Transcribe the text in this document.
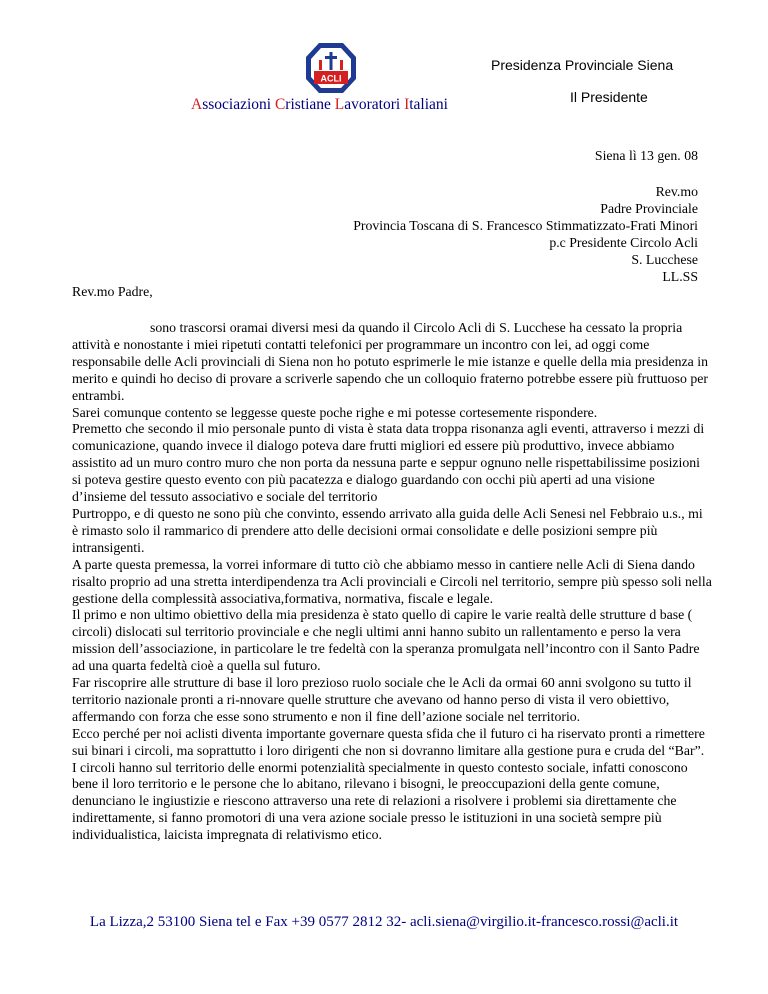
ACLI
Associazioni Cristiane Lavoratori Italiani
Presidenza Provinciale Siena
Il Presidente
Siena lì 13 gen. 08
Rev.mo
Padre Provinciale
Provincia Toscana di S. Francesco Stimmatizzato-Frati Minori
p.c Presidente Circolo Acli
S. Lucchese
LL.SS
Rev.mo Padre,

sono trascorsi oramai diversi mesi da quando il Circolo Acli di S. Lucchese ha cessato la propria attività e nonostante i miei ripetuti contatti telefonici per programmare un incontro con lei, ad oggi come responsabile delle Acli provinciali di Siena non ho potuto esprimerle le mie istanze e quelle della mia presidenza in merito e quindi ho deciso di provare a scriverle sapendo che un colloquio fraterno potrebbe essere più fruttuoso per entrambi.

Sarei comunque contento se leggesse queste poche righe e mi potesse cortesemente rispondere.

Premetto che secondo il mio personale punto di vista è stata data troppa risonanza agli eventi, attraverso i mezzi di comunicazione, quando invece il dialogo poteva dare frutti migliori ed essere più produttivo, invece abbiamo assistito ad un muro contro muro che non porta da nessuna parte e seppur ognuno nelle rispettabilissime posizioni si poteva gestire questo evento con più pacatezza e dialogo guardando con occhi più aperti ad una visione d’insieme del tessuto associativo e sociale del territorio

Purtroppo, e di questo ne sono più che convinto, essendo arrivato alla guida delle Acli Senesi nel Febbraio u.s., mi è rimasto solo il rammarico di prendere atto delle decisioni ormai consolidate e delle posizioni sempre più intransigenti.

A parte questa premessa, la vorrei informare di tutto ciò che abbiamo messo in cantiere nelle Acli di Siena dando risalto proprio ad una stretta interdipendenza tra Acli provinciali e Circoli nel territorio, sempre più spesso soli nella gestione della complessità associativa,formativa, normativa, fiscale e legale.

Il primo e non ultimo obiettivo della mia presidenza è stato quello di capire le varie realtà delle strutture d base ( circoli) dislocati sul territorio provinciale e che negli ultimi anni hanno subito un rallentamento e perso la vera mission dell’associazione, in particolare le tre fedeltà con la speranza promulgata nell’incontro con il Santo Padre ad una quarta fedeltà cioè a quella sul futuro.

Far riscoprire alle strutture di base il loro prezioso ruolo sociale che le Acli da ormai 60 anni svolgono su tutto il territorio nazionale pronti a ri-nnovare quelle strutture che avevano od hanno perso di vista il vero obiettivo, affermando con forza che esse sono strumento e non il fine dell’azione sociale nel territorio.

Ecco perché per noi aclisti diventa importante governare questa sfida che il futuro ci ha riservato pronti a rimettere sui binari i circoli, ma soprattutto i loro dirigenti che non si dovranno limitare alla gestione pura e cruda del “Bar”.

I circoli hanno sul territorio delle enormi potenzialità specialmente in questo contesto sociale, infatti conoscono bene il loro territorio e le persone che lo abitano, rilevano i bisogni, le preoccupazioni della gente comune, denunciano le ingiustizie e riescono attraverso una rete di relazioni a risolvere i problemi sia direttamente che indirettamente, si fanno promotori di una vera azione sociale presso le istituzioni in una società sempre più individualistica, laicista impregnata di relativismo etico.

La Lizza,2 53100 Siena tel e Fax +39 0577 2812 32- acli.siena@virgilio.it-francesco.rossi@acli.it
